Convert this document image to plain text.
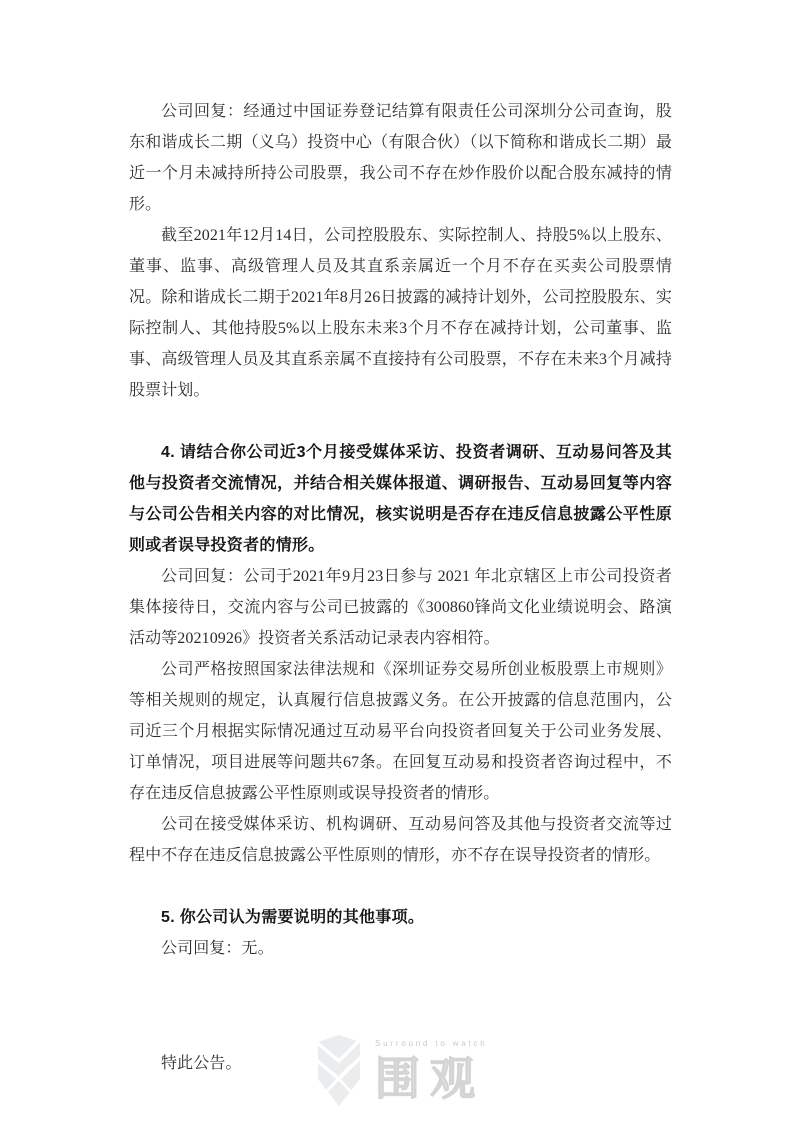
公司回复：经通过中国证券登记结算有限责任公司深圳分公司查询，股东和谐成长二期（义乌）投资中心（有限合伙）（以下简称和谐成长二期）最近一个月未减持所持公司股票，我公司不存在炒作股价以配合股东减持的情形。

截至2021年12月14日，公司控股股东、实际控制人、持股5%以上股东、董事、监事、高级管理人员及其直系亲属近一个月不存在买卖公司股票情况。除和谐成长二期于2021年8月26日披露的减持计划外，公司控股股东、实际控制人、其他持股5%以上股东未来3个月不存在减持计划，公司董事、监事、高级管理人员及其直系亲属不直接持有公司股票，不存在未来3个月减持股票计划。

4. 请结合你公司近3个月接受媒体采访、投资者调研、互动易问答及其他与投资者交流情况，并结合相关媒体报道、调研报告、互动易回复等内容与公司公告相关内容的对比情况，核实说明是否存在违反信息披露公平性原则或者误导投资者的情形。

公司回复：公司于2021年9月23日参与 2021 年北京辖区上市公司投资者集体接待日，交流内容与公司已披露的《300860锋尚文化业绩说明会、路演活动等20210926》投资者关系活动记录表内容相符。

公司严格按照国家法律法规和《深圳证券交易所创业板股票上市规则》等相关规则的规定，认真履行信息披露义务。在公开披露的信息范围内，公司近三个月根据实际情况通过互动易平台向投资者回复关于公司业务发展、订单情况，项目进展等问题共67条。在回复互动易和投资者咨询过程中，不存在违反信息披露公平性原则或误导投资者的情形。

公司在接受媒体采访、机构调研、互动易问答及其他与投资者交流等过程中不存在违反信息披露公平性原则的情形，亦不存在误导投资者的情形。

5. 你公司认为需要说明的其他事项。

公司回复：无。

特此公告。

Surround to watch
围观
